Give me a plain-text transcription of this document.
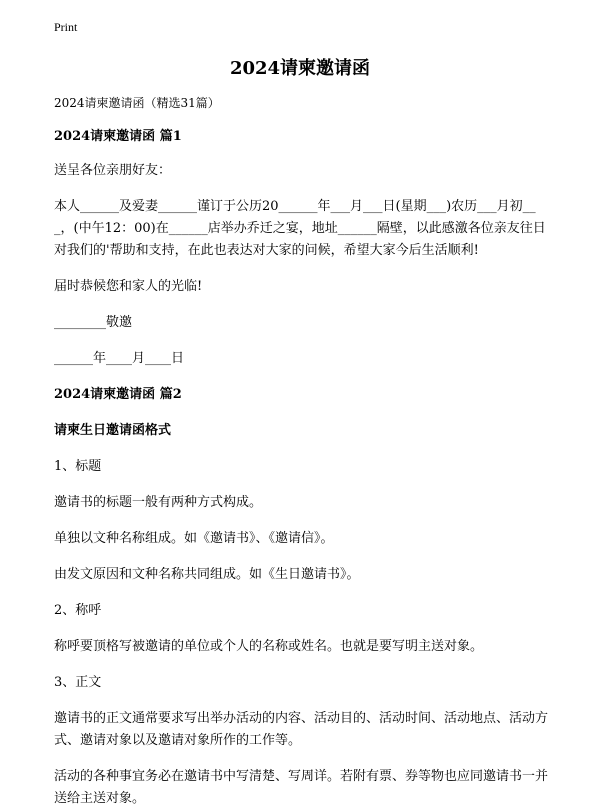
Print
2024请柬邀请函
2024请柬邀请函（精选31篇）
2024请柬邀请函 篇1
送呈各位亲朋好友：
本人______及爱妻______谨订于公历20______年___月___日(星期___)农历___月初___，(中午12：00)在______店举办乔迁之宴，地址______隔壁，以此感激各位亲友往日对我们的'帮助和支持，在此也表达对大家的问候，希望大家今后生活顺利!
届时恭候您和家人的光临!
________敬邀
______年____月____日
2024请柬邀请函 篇2
请柬生日邀请函格式
1、标题
邀请书的标题一般有两种方式构成。
单独以文种名称组成。如《邀请书》、《邀请信》。
由发文原因和文种名称共同组成。如《生日邀请书》。
2、称呼
称呼要顶格写被邀请的单位或个人的名称或姓名。也就是要写明主送对象。
3、正文
邀请书的正文通常要求写出举办活动的内容、活动目的、活动时间、活动地点、活动方式、邀请对象以及邀请对象所作的工作等。
活动的各种事宜务必在邀请书中写清楚、写周详。若附有票、券等物也应同邀请书一并送给主送对象。
